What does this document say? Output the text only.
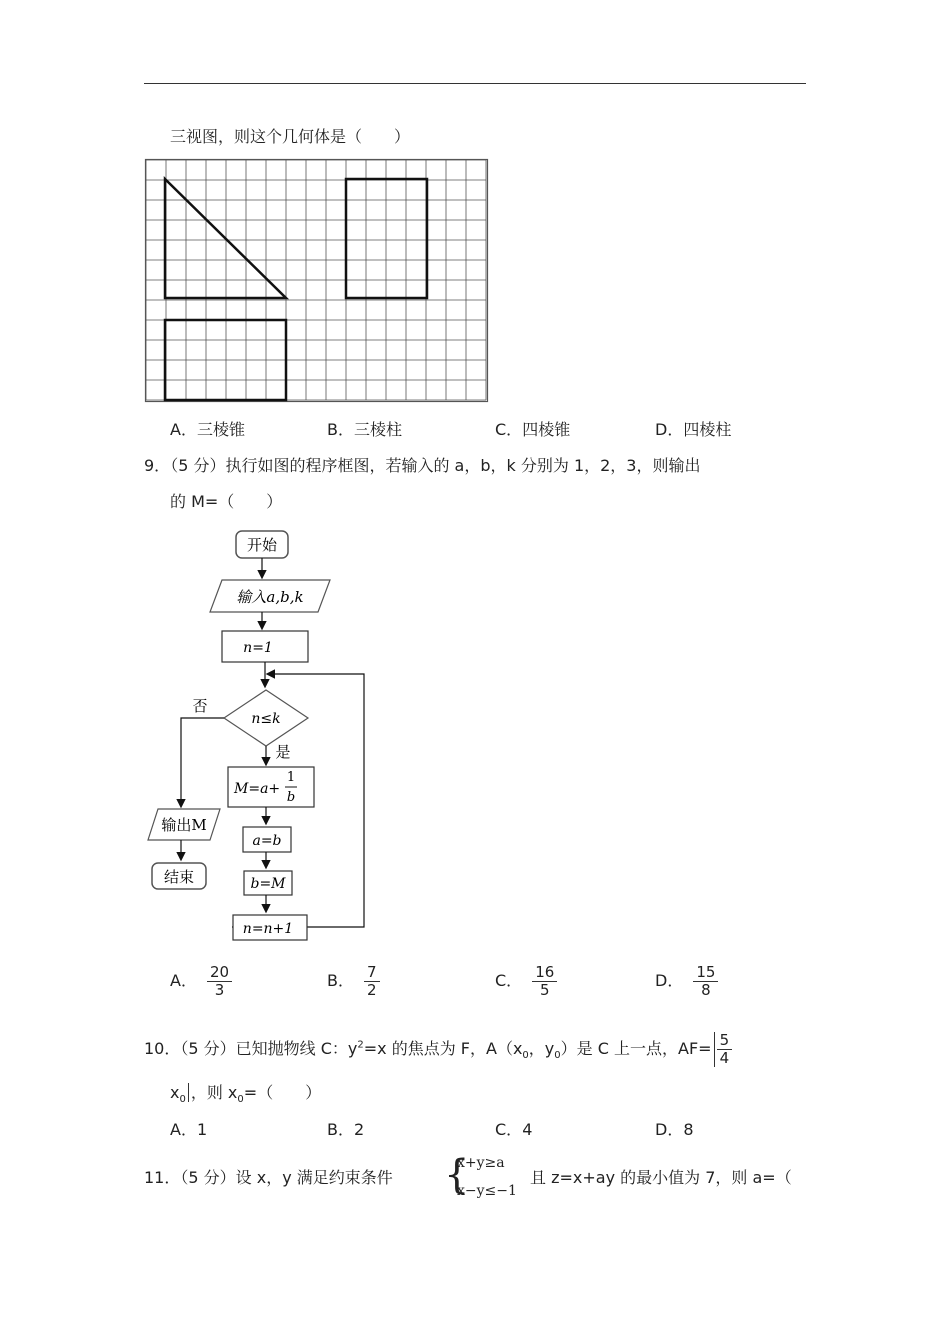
三视图，则这个几何体是（　　）
A．三棱锥	B．三棱柱	C．四棱锥	D．四棱柱
9．（5 分）执行如图的程序框图，若输入的 a，b，k 分别为 1，2，3，则输出
的 M=（　　）
开始
输入a,b,k
n=1
n≤k
否
是
M=a+
1
b
a=b
b=M
n=n+1
输出M
结束
A． $\frac{20}{3}$	B． $\frac{7}{2}$	C． $\frac{16}{5}$	D． $\frac{15}{8}$
10．（5 分）已知抛物线 C：$y^2=x$ 的焦点为 F，$A(x_0$，$y_0$）是 C 上一点，$AF= \frac{5}{4}$
$x_0$ ，则 $x_0=$（　　）
A．1	B．2	C．4	D．8
11．（5 分）设 x，y 满足约束条件 {
x+y≥a
x−y≤−1
且 z=x+ay 的最小值为 7，则 a=（
